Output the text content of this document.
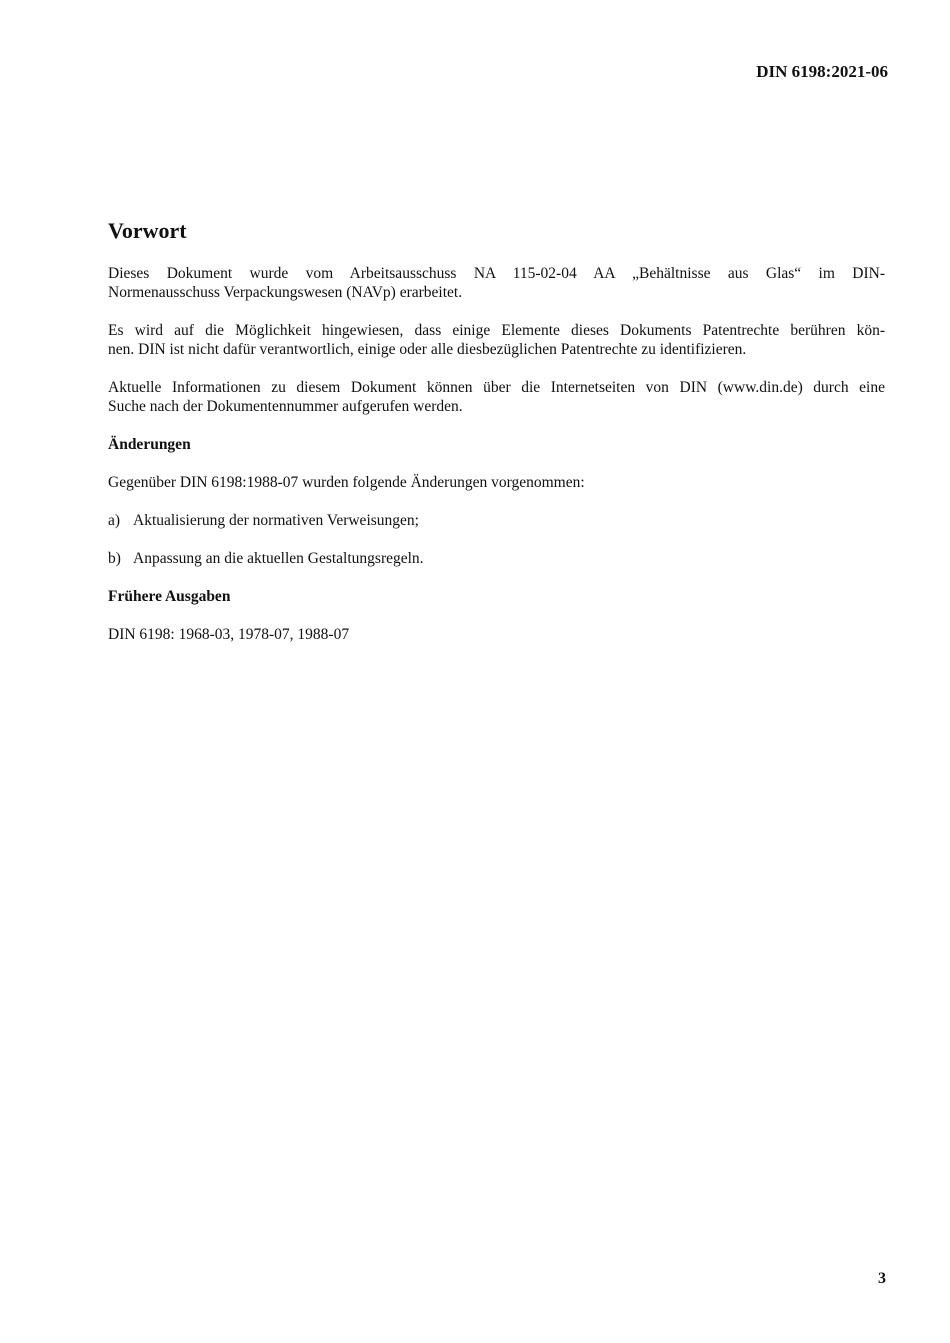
DIN 6198:2021-06
Vorwort

Dieses Dokument wurde vom Arbeitsausschuss NA 115-02-04 AA „Behältnisse aus Glas“ im DIN-
Normenausschuss Verpackungswesen (NAVp) erarbeitet.

Es wird auf die Möglichkeit hingewiesen, dass einige Elemente dieses Dokuments Patentrechte berühren kön-
nen. DIN ist nicht dafür verantwortlich, einige oder alle diesbezüglichen Patentrechte zu identifizieren.

Aktuelle Informationen zu diesem Dokument können über die Internetseiten von DIN (www.din.de) durch eine
Suche nach der Dokumentennummer aufgerufen werden.

Änderungen

Gegenüber DIN 6198:1988-07 wurden folgende Änderungen vorgenommen:

a) Aktualisierung der normativen Verweisungen;

b) Anpassung an die aktuellen Gestaltungsregeln.

Frühere Ausgaben

DIN 6198: 1968-03, 1978-07, 1988-07

3
